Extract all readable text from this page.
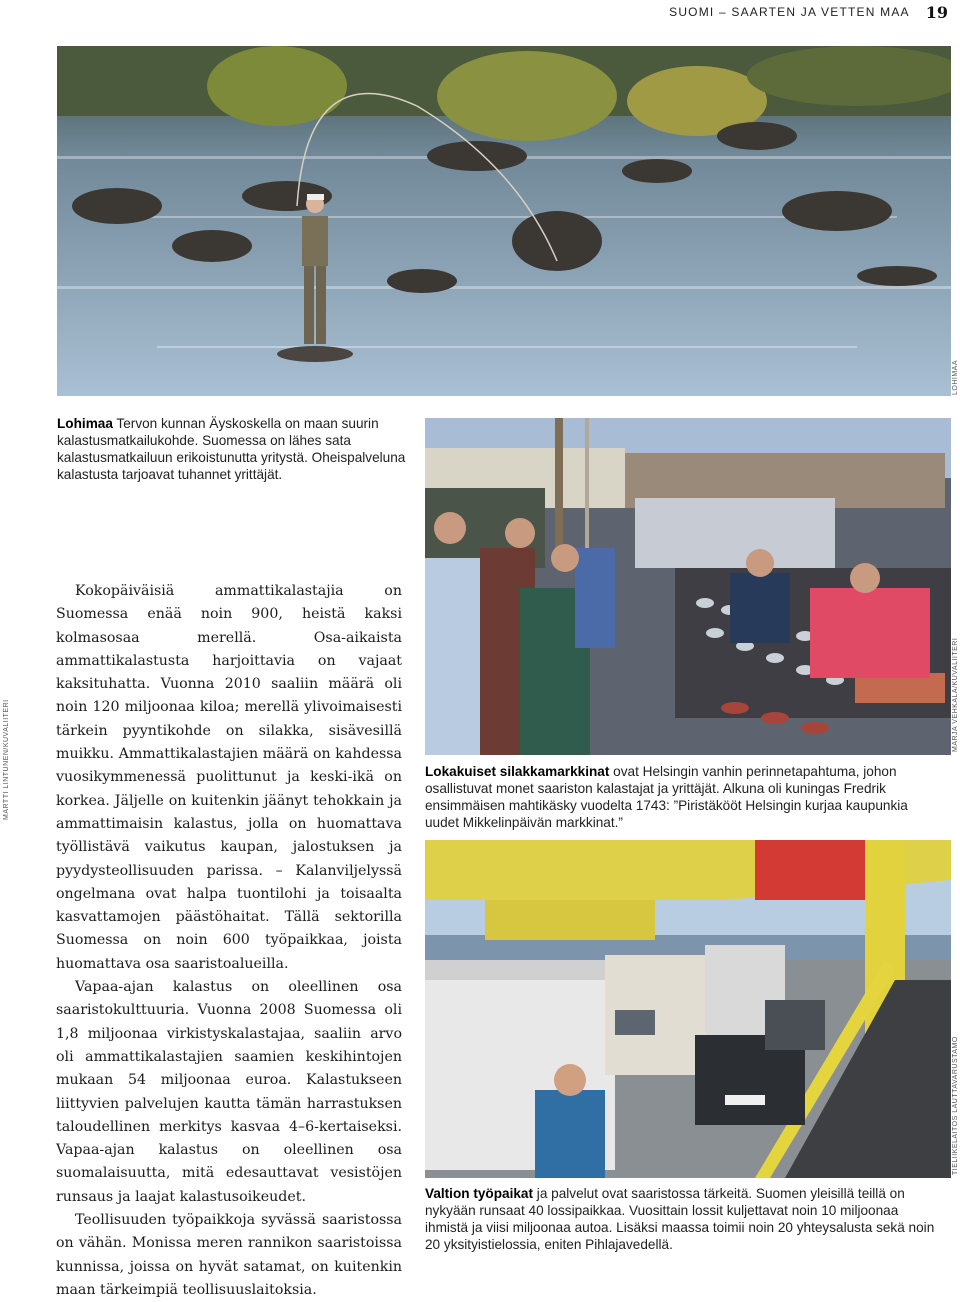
SUOMI – SAARTEN JA VETTEN MAA 19
LOHIMAA
Lohimaa Tervon kunnan Äyskoskella on maan suurin kalastusmatkailukohde. Suomessa on lähes sata kalastusmatkailuun erikoistunutta yritystä. Oheispalveluna kalastusta tarjoavat tuhannet yrittäjät.
MARJA VEHKALA/KUVALIITERI
Lokakuiset silakkamarkkinat ovat Helsingin vanhin perinnetapahtuma, johon osallistuvat monet saariston kalastajat ja yrittäjät. Alkuna oli kuningas Fredrik ensimmäisen mahtikäsky vuodelta 1743: ”Piristäkööt Helsingin kurjaa kaupunkia uudet Mikkelinpäivän markkinat.”
MARTTI LINTUNEN/KUVALIITERI

Kokopäiväisiä ammattikalastajia on Suomessa enää noin 900, heistä kaksi kolmasosaa merellä. Osa-aikaista ammattikalastusta harjoittavia on vajaat kaksituhatta. Vuonna 2010 saaliin määrä oli noin 120 miljoonaa kiloa; merellä ylivoimaisesti tärkein pyyntikohde on silakka, sisävesillä muikku. Ammattikalastajien määrä on kahdessa vuosikymmenessä puolittunut ja keski-ikä on korkea. Jäljelle on kuitenkin jäänyt tehokkain ja ammattimaisin kalastus, jolla on huomattava työllistävä vaikutus kaupan, jalostuksen ja pyydysteollisuuden parissa. – Kalanviljelyssä ongelmana ovat halpa tuontilohi ja toisaalta kasvattamojen päästöhaitat. Tällä sektorilla Suomessa on noin 600 työpaikkaa, joista huomattava osa saaristoalueilla.

Vapaa-ajan kalastus on oleellinen osa saaristokulttuuria. Vuonna 2008 Suomessa oli 1,8 miljoonaa virkistyskalastajaa, saaliin arvo oli ammattikalastajien saamien keskihintojen mukaan 54 miljoonaa euroa. Kalastukseen liittyvien palvelujen kautta tämän harrastuksen taloudellinen merkitys kasvaa 4–6-kertaiseksi. Vapaa-ajan kalastus on oleellinen osa suomalaisuutta, mitä edesauttavat vesistöjen runsaus ja laajat kalastusoikeudet.

Teollisuuden työpaikkoja syvässä saaristossa on vähän. Monissa meren rannikon saaristoissa kunnissa, joissa on hyvät satamat, on kuitenkin maan tärkeimpiä teollisuuslaitoksia.

TIELIIKELAITOS LAUTTAVARUSTAMO
Valtion työpaikat ja palvelut ovat saaristossa tärkeitä. Suomen yleisillä teillä on nykyään runsaat 40 lossipaikkaa. Vuosittain lossit kuljettavat noin 10 miljoonaa ihmistä ja viisi miljoonaa autoa. Lisäksi maassa toimii noin 20 yhteysalusta sekä noin 20 yksityistielossia, eniten Pihlajavedellä.
